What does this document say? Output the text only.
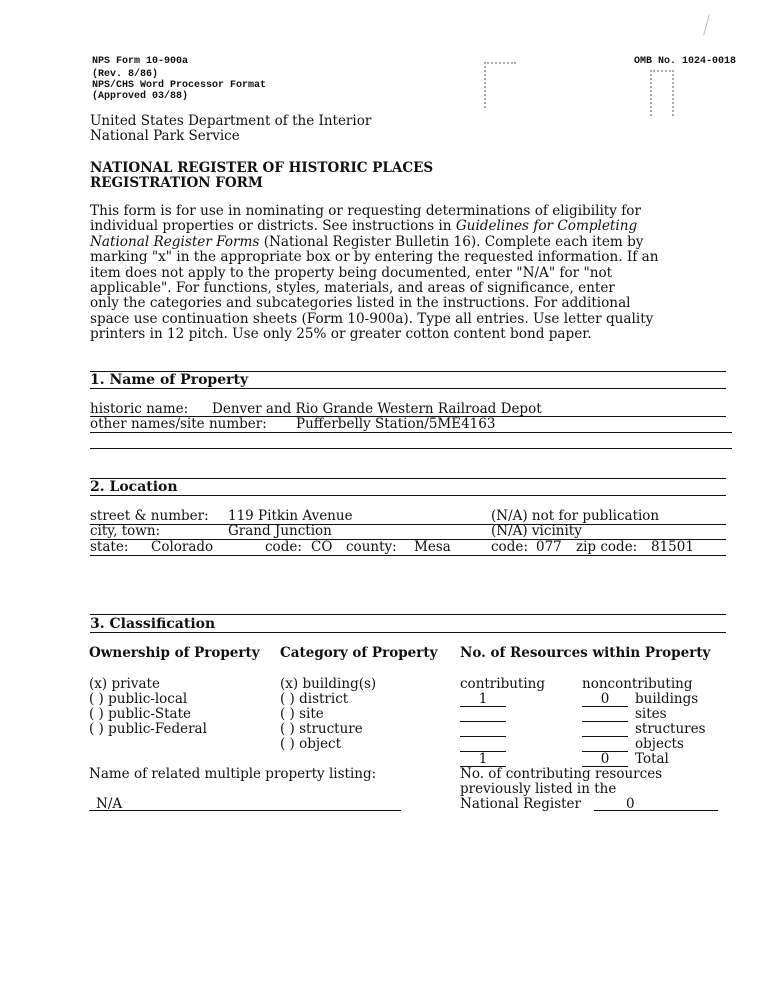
NPS Form 10-900a
(Rev. 8/86)
NPS/CHS Word Processor Format
(Approved 03/88)
OMB No. 1024-0018
United States Department of the Interior
National Park Service
NATIONAL REGISTER OF HISTORIC PLACES
REGISTRATION FORM
This form is for use in nominating or requesting determinations of eligibility for
individual properties or districts. See instructions in Guidelines for Completing
National Register Forms (National Register Bulletin 16). Complete each item by
marking "x" in the appropriate box or by entering the requested information. If an
item does not apply to the property being documented, enter "N/A" for "not
applicable". For functions, styles, materials, and areas of significance, enter
only the categories and subcategories listed in the instructions. For additional
space use continuation sheets (Form 10-900a). Type all entries. Use letter quality
printers in 12 pitch. Use only 25% or greater cotton content bond paper.
1. Name of Property
historic name: Denver and Rio Grande Western Railroad Depot
other names/site number: Pufferbelly Station/5ME4163
2. Location
street & number: 119 Pitkin Avenue	(N/A) not for publication
city, town:	Grand Junction	(N/A) vicinity
state: Colorado	code: CO county: Mesa	code: 077 zip code: 81501
3. Classification
Ownership of Property Category of Property No. of Resources within Property
(x) private
( ) public-local
( ) public-State
( ) public-Federal
(x) building(s)
( ) district
( ) site
( ) structure
( ) object
contributing	noncontributing
1	0	buildings
sites
structures
objects
1	0	Total
Name of related multiple property listing:
N/A
No. of contributing resources
previously listed in the
National Register	0
